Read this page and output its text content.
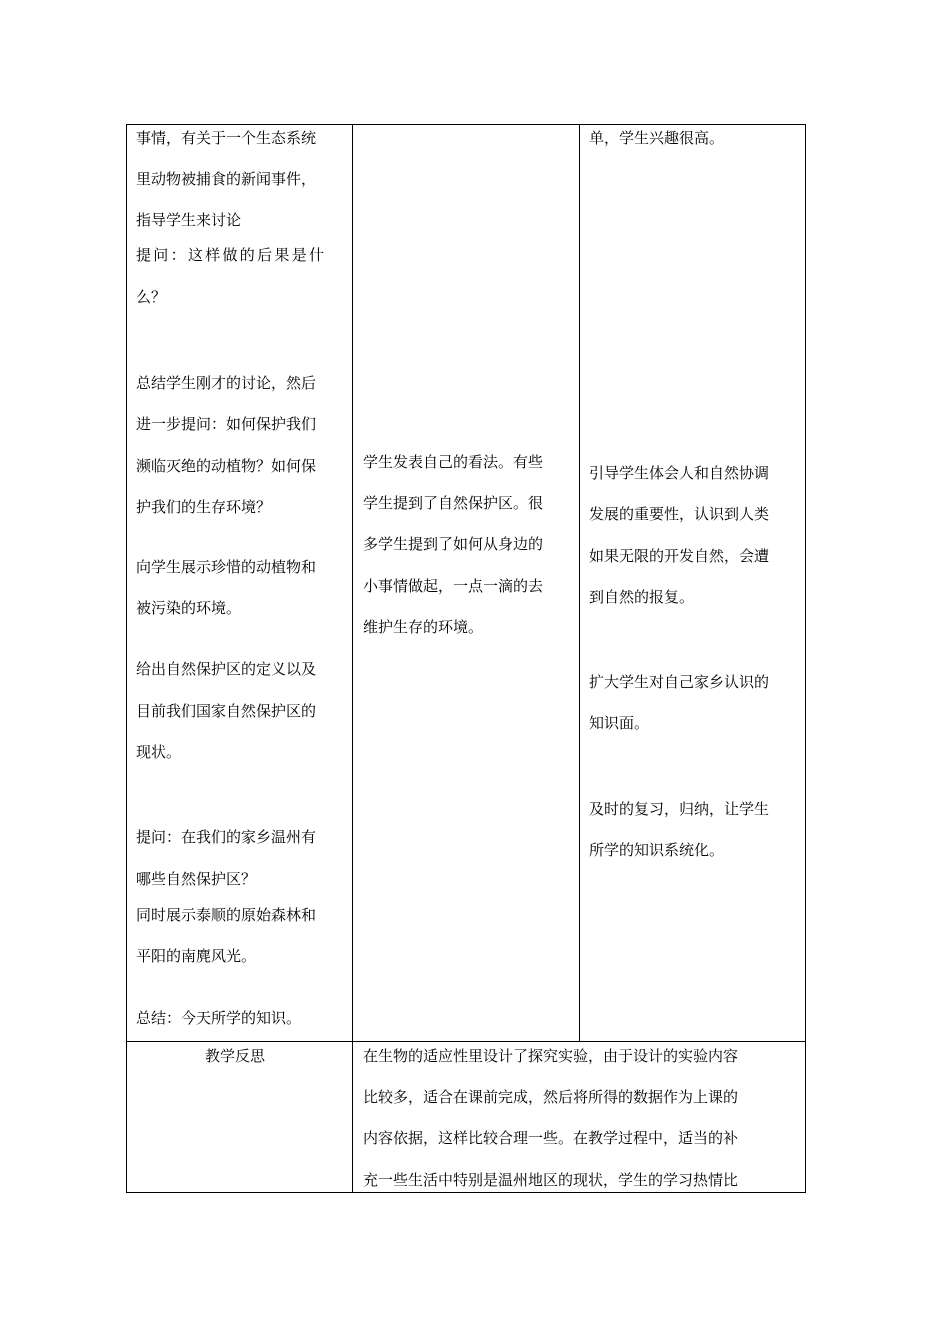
事情，有关于一个生态系统
里动物被捕食的新闻事件，
指导学生来讨论
提问：这样做的后果是什
么？
总结学生刚才的讨论，然后
进一步提问：如何保护我们
濒临灭绝的动植物？如何保
护我们的生存环境？
向学生展示珍惜的动植物和
被污染的环境。
给出自然保护区的定义以及
目前我们国家自然保护区的
现状。
提问：在我们的家乡温州有
哪些自然保护区？
同时展示泰顺的原始森林和
平阳的南麂风光。
总结：今天所学的知识。
学生发表自己的看法。有些
学生提到了自然保护区。很
多学生提到了如何从身边的
小事情做起，一点一滴的去
维护生存的环境。
单，学生兴趣很高。
引导学生体会人和自然协调
发展的重要性，认识到人类
如果无限的开发自然，会遭
到自然的报复。
扩大学生对自己家乡认识的
知识面。
及时的复习，归纳，让学生
所学的知识系统化。
教学反思	在生物的适应性里设计了探究实验，由于设计的实验内容
比较多，适合在课前完成，然后将所得的数据作为上课的
内容依据，这样比较合理一些。在教学过程中，适当的补
充一些生活中特别是温州地区的现状，学生的学习热情比
